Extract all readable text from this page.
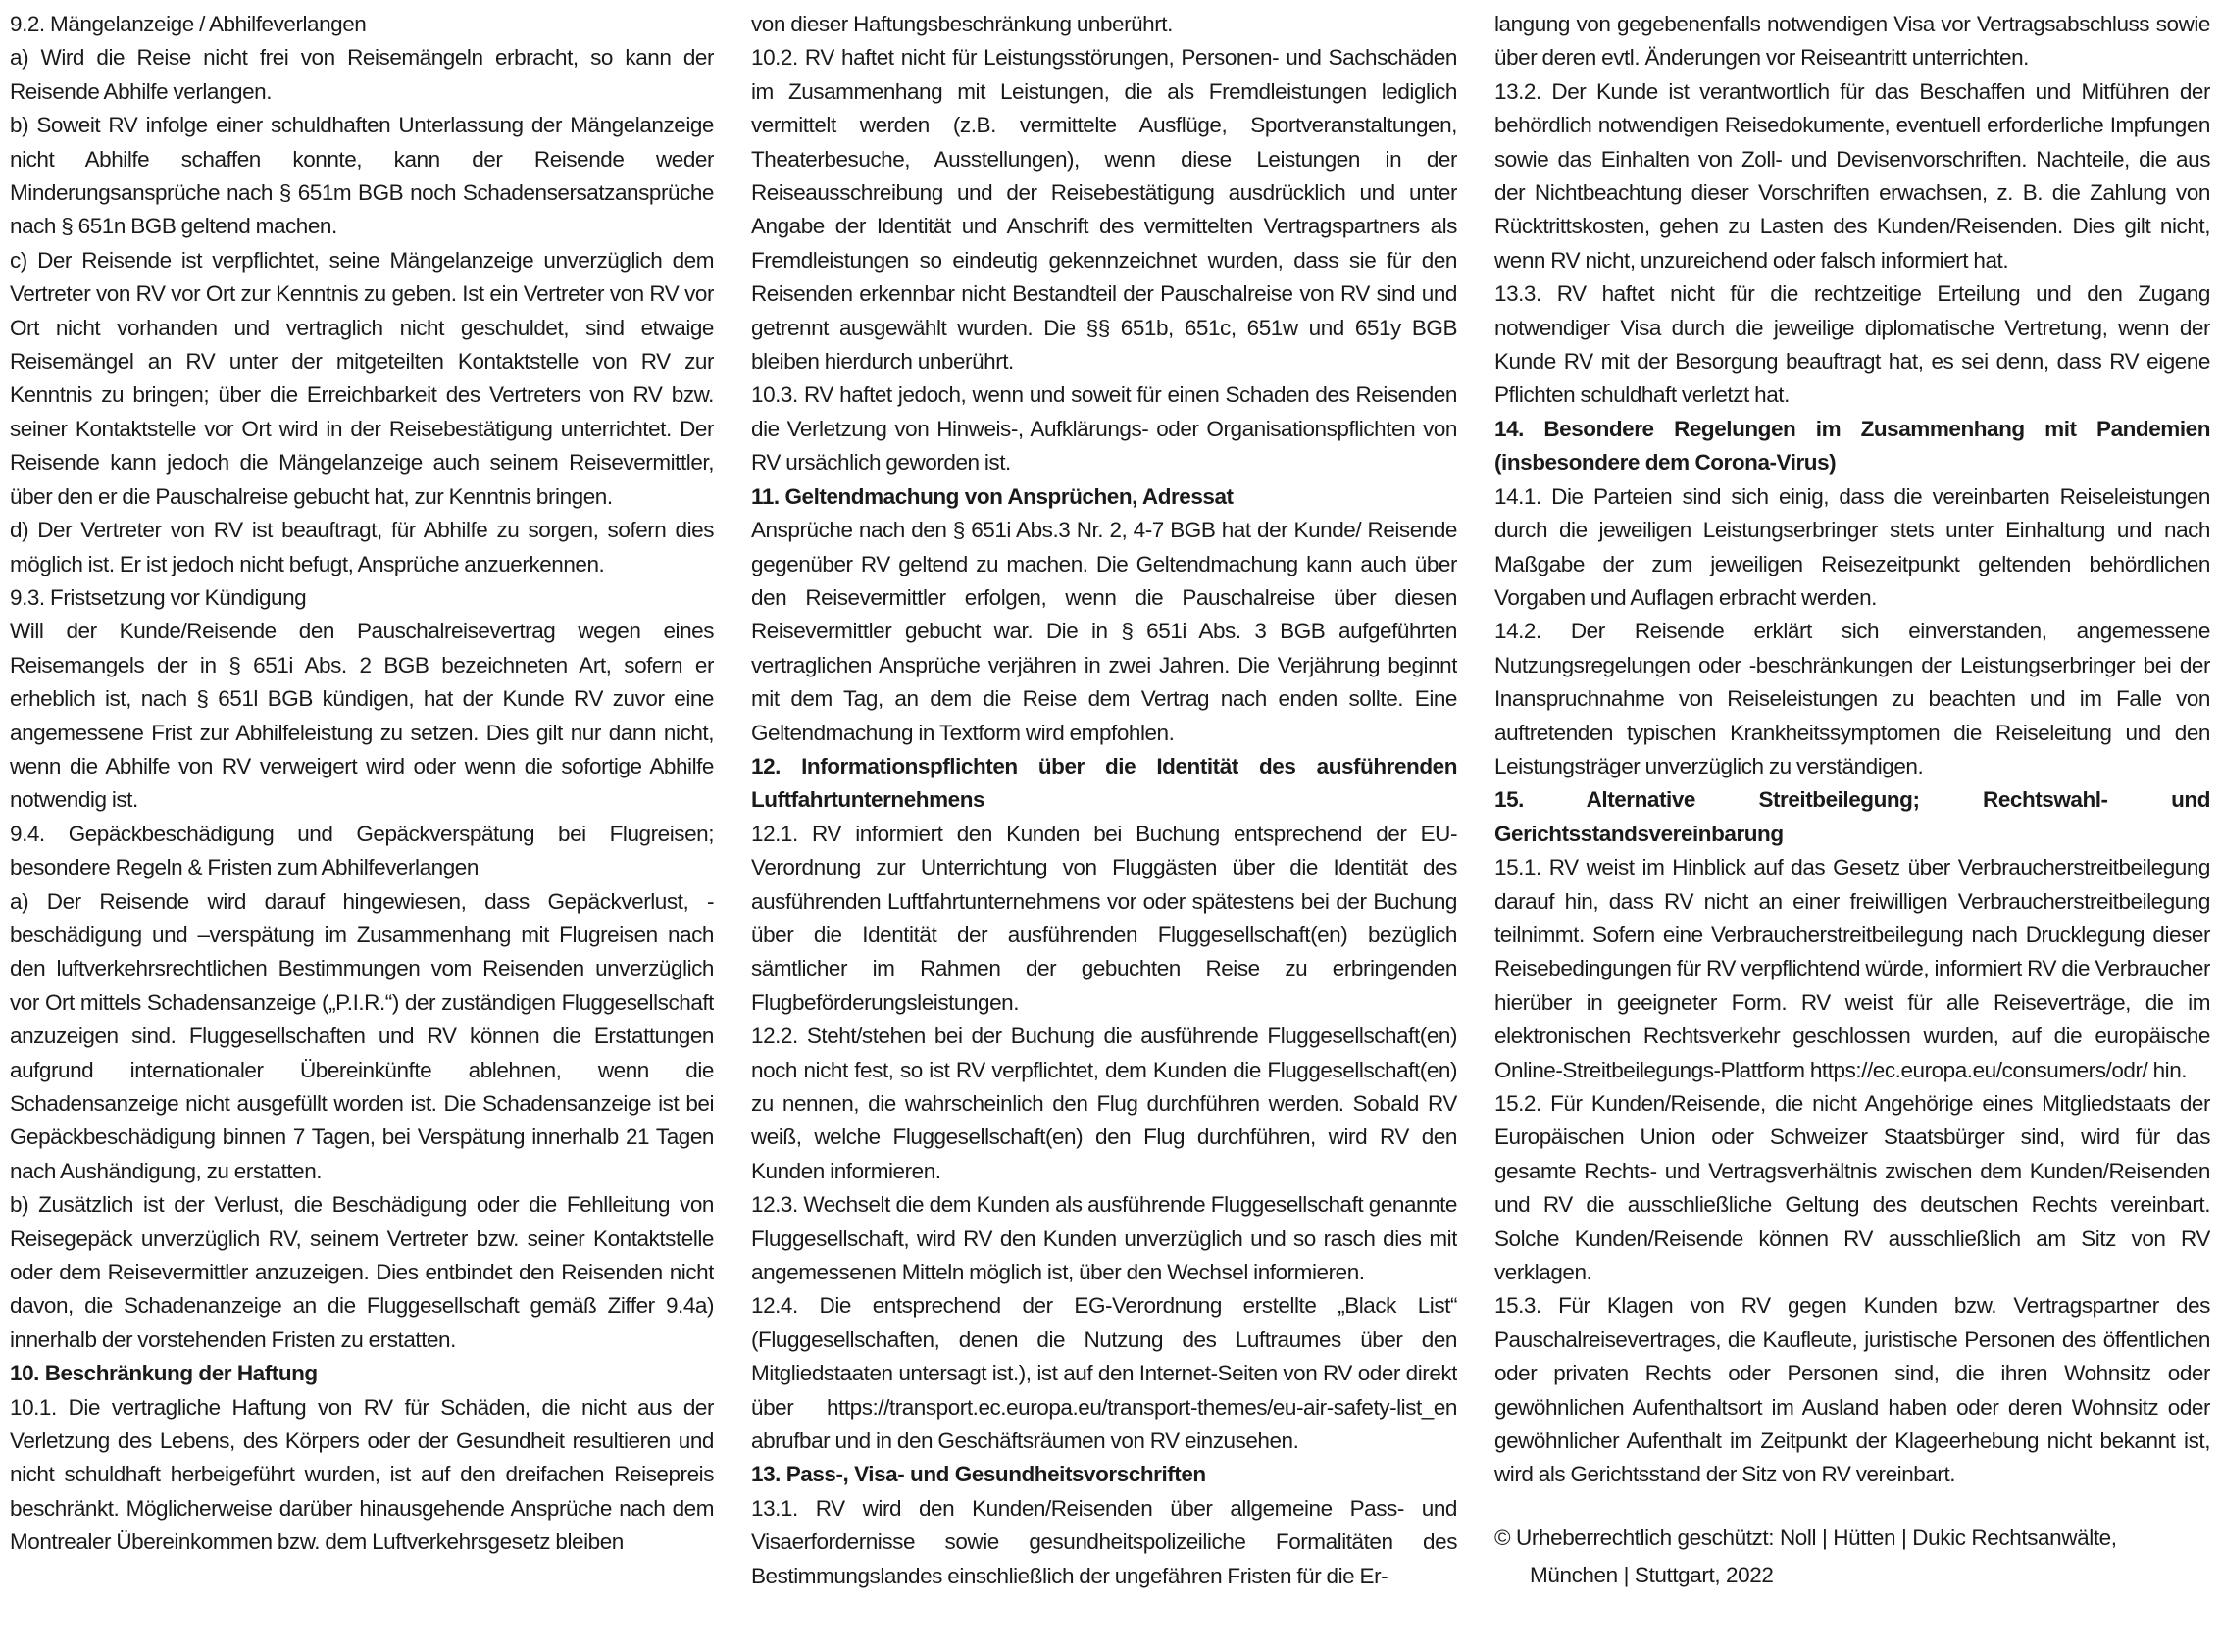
9.2. Mängelanzeige / Abhilfeverlangen

a) Wird die Reise nicht frei von Reisemängeln erbracht, so kann der Reisende Abhilfe verlangen.

b) Soweit RV infolge einer schuldhaften Unterlassung der Mängelanzeige nicht Abhilfe schaffen konnte, kann der Reisende weder Minderungsansprüche nach § 651m BGB noch Schadensersatzansprüche nach § 651n BGB geltend machen.

c) Der Reisende ist verpflichtet, seine Mängelanzeige unverzüglich dem Vertreter von RV vor Ort zur Kenntnis zu geben. Ist ein Vertreter von RV vor Ort nicht vorhanden und vertraglich nicht geschuldet, sind etwaige Reisemängel an RV unter der mitgeteilten Kontaktstelle von RV zur Kenntnis zu bringen; über die Erreichbarkeit des Vertreters von RV bzw. seiner Kontaktstelle vor Ort wird in der Reisebestätigung unterrichtet. Der Reisende kann jedoch die Mängelanzeige auch seinem Reisevermittler, über den er die Pauschalreise gebucht hat, zur Kenntnis bringen.

d) Der Vertreter von RV ist beauftragt, für Abhilfe zu sorgen, sofern dies möglich ist. Er ist jedoch nicht befugt, Ansprüche anzuerkennen.

9.3. Fristsetzung vor Kündigung

Will der Kunde/Reisende den Pauschalreisevertrag wegen eines Reisemangels der in § 651i Abs. 2 BGB bezeichneten Art, sofern er erheblich ist, nach § 651l BGB kündigen, hat der Kunde RV zuvor eine angemessene Frist zur Abhilfeleistung zu setzen. Dies gilt nur dann nicht, wenn die Abhilfe von RV verweigert wird oder wenn die sofortige Abhilfe notwendig ist.

9.4. Gepäckbeschädigung und Gepäckverspätung bei Flugreisen; besondere Regeln & Fristen zum Abhilfeverlangen

a) Der Reisende wird darauf hingewiesen, dass Gepäckverlust, -beschädigung und –verspätung im Zusammenhang mit Flugreisen nach den luftverkehrsrechtlichen Bestimmungen vom Reisenden unverzüglich vor Ort mittels Schadensanzeige („P.I.R.“) der zuständigen Fluggesellschaft anzuzeigen sind. Fluggesellschaften und RV können die Erstattungen aufgrund internationaler Übereinkünfte ablehnen, wenn die Schadensanzeige nicht ausgefüllt worden ist. Die Schadensanzeige ist bei Gepäckbeschädigung binnen 7 Tagen, bei Verspätung innerhalb 21 Tagen nach Aushändigung, zu erstatten.

b) Zusätzlich ist der Verlust, die Beschädigung oder die Fehlleitung von Reisegepäck unverzüglich RV, seinem Vertreter bzw. seiner Kontaktstelle oder dem Reisevermittler anzuzeigen. Dies entbindet den Reisenden nicht davon, die Schadenanzeige an die Fluggesellschaft gemäß Ziffer 9.4a) innerhalb der vorstehenden Fristen zu erstatten.

10. Beschränkung der Haftung

10.1. Die vertragliche Haftung von RV für Schäden, die nicht aus der Verletzung des Lebens, des Körpers oder der Gesundheit resultieren und nicht schuldhaft herbeigeführt wurden, ist auf den dreifachen Reisepreis beschränkt. Möglicherweise darüber hinausgehende Ansprüche nach dem Montrealer Übereinkommen bzw. dem Luftverkehrsgesetz bleiben

von dieser Haftungsbeschränkung unberührt.

10.2. RV haftet nicht für Leistungsstörungen, Personen- und Sachschäden im Zusammenhang mit Leistungen, die als Fremdleistungen lediglich vermittelt werden (z.B. vermittelte Ausflüge, Sportveranstaltungen, Theaterbesuche, Ausstellungen), wenn diese Leistungen in der Reiseausschreibung und der Reisebestätigung ausdrücklich und unter Angabe der Identität und Anschrift des vermittelten Vertragspartners als Fremdleistungen so eindeutig gekennzeichnet wurden, dass sie für den Reisenden erkennbar nicht Bestandteil der Pauschalreise von RV sind und getrennt ausgewählt wurden. Die §§ 651b, 651c, 651w und 651y BGB bleiben hierdurch unberührt.

10.3. RV haftet jedoch, wenn und soweit für einen Schaden des Reisenden die Verletzung von Hinweis-, Aufklärungs- oder Organisationspflichten von RV ursächlich geworden ist.

11. Geltendmachung von Ansprüchen, Adressat

Ansprüche nach den § 651i Abs.3 Nr. 2, 4-7 BGB hat der Kunde/ Reisende gegenüber RV geltend zu machen. Die Geltendmachung kann auch über den Reisevermittler erfolgen, wenn die Pauschalreise über diesen Reisevermittler gebucht war. Die in § 651i Abs. 3 BGB aufgeführten vertraglichen Ansprüche verjähren in zwei Jahren. Die Verjährung beginnt mit dem Tag, an dem die Reise dem Vertrag nach enden sollte. Eine Geltendmachung in Textform wird empfohlen.

12. Informationspflichten über die Identität des ausführenden Luftfahrtunternehmens

12.1. RV informiert den Kunden bei Buchung entsprechend der EU-Verordnung zur Unterrichtung von Fluggästen über die Identität des ausführenden Luftfahrtunternehmens vor oder spätestens bei der Buchung über die Identität der ausführenden Fluggesellschaft(en) bezüglich sämtlicher im Rahmen der gebuchten Reise zu erbringenden Flugbeförderungsleistungen.

12.2. Steht/stehen bei der Buchung die ausführende Fluggesellschaft(en) noch nicht fest, so ist RV verpflichtet, dem Kunden die Fluggesellschaft(en) zu nennen, die wahrscheinlich den Flug durchführen werden. Sobald RV weiß, welche Fluggesellschaft(en) den Flug durchführen, wird RV den Kunden informieren.

12.3. Wechselt die dem Kunden als ausführende Fluggesellschaft genannte Fluggesellschaft, wird RV den Kunden unverzüglich und so rasch dies mit angemessenen Mitteln möglich ist, über den Wechsel informieren.

12.4. Die entsprechend der EG-Verordnung erstellte „Black List“ (Fluggesellschaften, denen die Nutzung des Luftraumes über den Mitgliedstaaten untersagt ist.), ist auf den Internet-Seiten von RV oder direkt über https://transport.ec.europa.eu/transport-themes/eu-air-safety-list_en abrufbar und in den Geschäftsräumen von RV einzusehen.

13. Pass-, Visa- und Gesundheitsvorschriften

13.1. RV wird den Kunden/Reisenden über allgemeine Pass- und Visaerfordernisse sowie gesundheitspolizeiliche Formalitäten des Bestimmungslandes einschließlich der ungefähren Fristen für die Er-

langung von gegebenenfalls notwendigen Visa vor Vertragsabschluss sowie über deren evtl. Änderungen vor Reiseantritt unterrichten.

13.2. Der Kunde ist verantwortlich für das Beschaffen und Mitführen der behördlich notwendigen Reisedokumente, eventuell erforderliche Impfungen sowie das Einhalten von Zoll- und Devisenvorschriften. Nachteile, die aus der Nichtbeachtung dieser Vorschriften erwachsen, z. B. die Zahlung von Rücktrittskosten, gehen zu Lasten des Kunden/Reisenden. Dies gilt nicht, wenn RV nicht, unzureichend oder falsch informiert hat.

13.3. RV haftet nicht für die rechtzeitige Erteilung und den Zugang notwendiger Visa durch die jeweilige diplomatische Vertretung, wenn der Kunde RV mit der Besorgung beauftragt hat, es sei denn, dass RV eigene Pflichten schuldhaft verletzt hat.

14. Besondere Regelungen im Zusammenhang mit Pandemien (insbesondere dem Corona-Virus)

14.1. Die Parteien sind sich einig, dass die vereinbarten Reiseleistungen durch die jeweiligen Leistungserbringer stets unter Einhaltung und nach Maßgabe der zum jeweiligen Reisezeitpunkt geltenden behördlichen Vorgaben und Auflagen erbracht werden.

14.2. Der Reisende erklärt sich einverstanden, angemessene Nutzungsregelungen oder -beschränkungen der Leistungserbringer bei der Inanspruchnahme von Reiseleistungen zu beachten und im Falle von auftretenden typischen Krankheitssymptomen die Reiseleitung und den Leistungsträger unverzüglich zu verständigen.

15. Alternative Streitbeilegung; Rechtswahl- und Gerichtsstandsvereinbarung

15.1. RV weist im Hinblick auf das Gesetz über Verbraucherstreitbeilegung darauf hin, dass RV nicht an einer freiwilligen Verbraucherstreitbeilegung teilnimmt. Sofern eine Verbraucherstreitbeilegung nach Drucklegung dieser Reisebedingungen für RV verpflichtend würde, informiert RV die Verbraucher hierüber in geeigneter Form. RV weist für alle Reiseverträge, die im elektronischen Rechtsverkehr geschlossen wurden, auf die europäische Online-Streitbeilegungs-Plattform https://ec.europa.eu/consumers/odr/ hin.

15.2. Für Kunden/Reisende, die nicht Angehörige eines Mitgliedstaats der Europäischen Union oder Schweizer Staatsbürger sind, wird für das gesamte Rechts- und Vertragsverhältnis zwischen dem Kunden/Reisenden und RV die ausschließliche Geltung des deutschen Rechts vereinbart. Solche Kunden/Reisende können RV ausschließlich am Sitz von RV verklagen.

15.3. Für Klagen von RV gegen Kunden bzw. Vertragspartner des Pauschalreisevertrages, die Kaufleute, juristische Personen des öffentlichen oder privaten Rechts oder Personen sind, die ihren Wohnsitz oder gewöhnlichen Aufenthaltsort im Ausland haben oder deren Wohnsitz oder gewöhnlicher Aufenthalt im Zeitpunkt der Klageerhebung nicht bekannt ist, wird als Gerichtsstand der Sitz von RV vereinbart.

© Urheberrechtlich geschützt: Noll | Hütten | Dukic Rechtsanwälte,
München | Stuttgart, 2022
